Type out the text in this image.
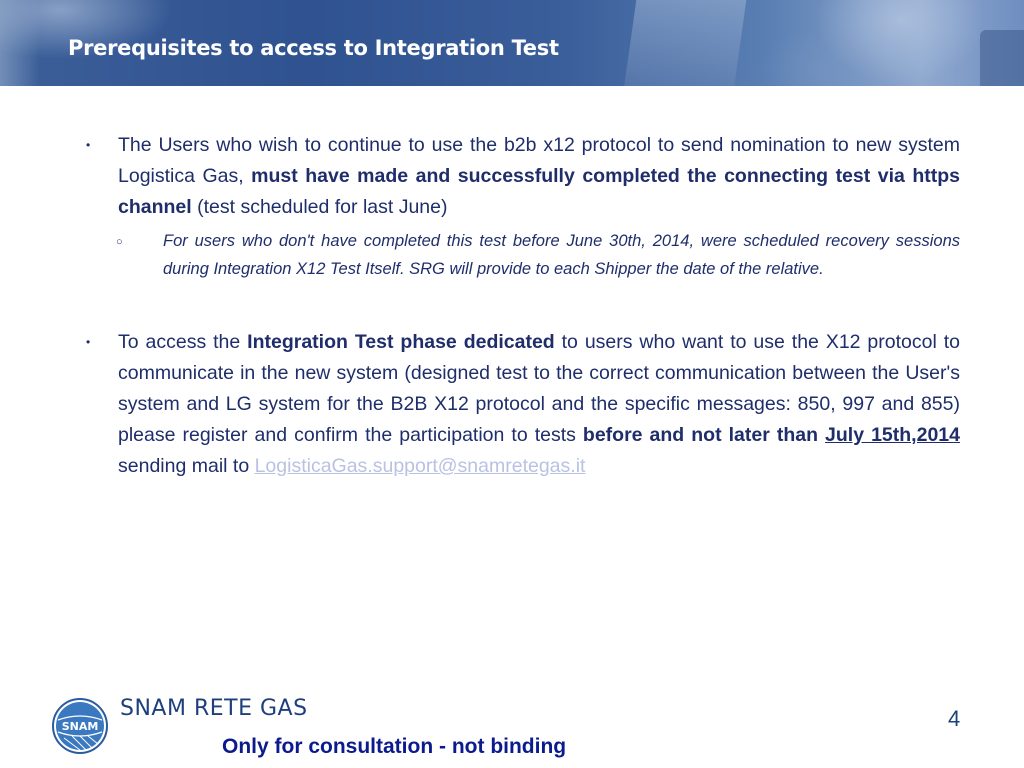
Prerequisites to access to Integration Test
• The Users who wish to continue to use the b2b x12 protocol to send nomination to new system Logistica Gas, must have made and successfully completed the connecting test via https channel (test scheduled for last June)
○ For users who don't have completed this test before June 30th, 2014, were scheduled recovery sessions during Integration X12 Test Itself. SRG will provide to each Shipper the date of the relative.
• To access the Integration Test phase dedicated to users who want to use the X12 protocol to communicate in the new system (designed test to the correct communication between the User's system and LG system for the B2B X12 protocol and the specific messages: 850, 997 and 855) please register and confirm the participation to tests before and not later than July 15th,2014 sending mail to LogisticaGas.support@snamretegas.it
SNAM
SNAM RETE GAS	4
Only for consultation - not binding
